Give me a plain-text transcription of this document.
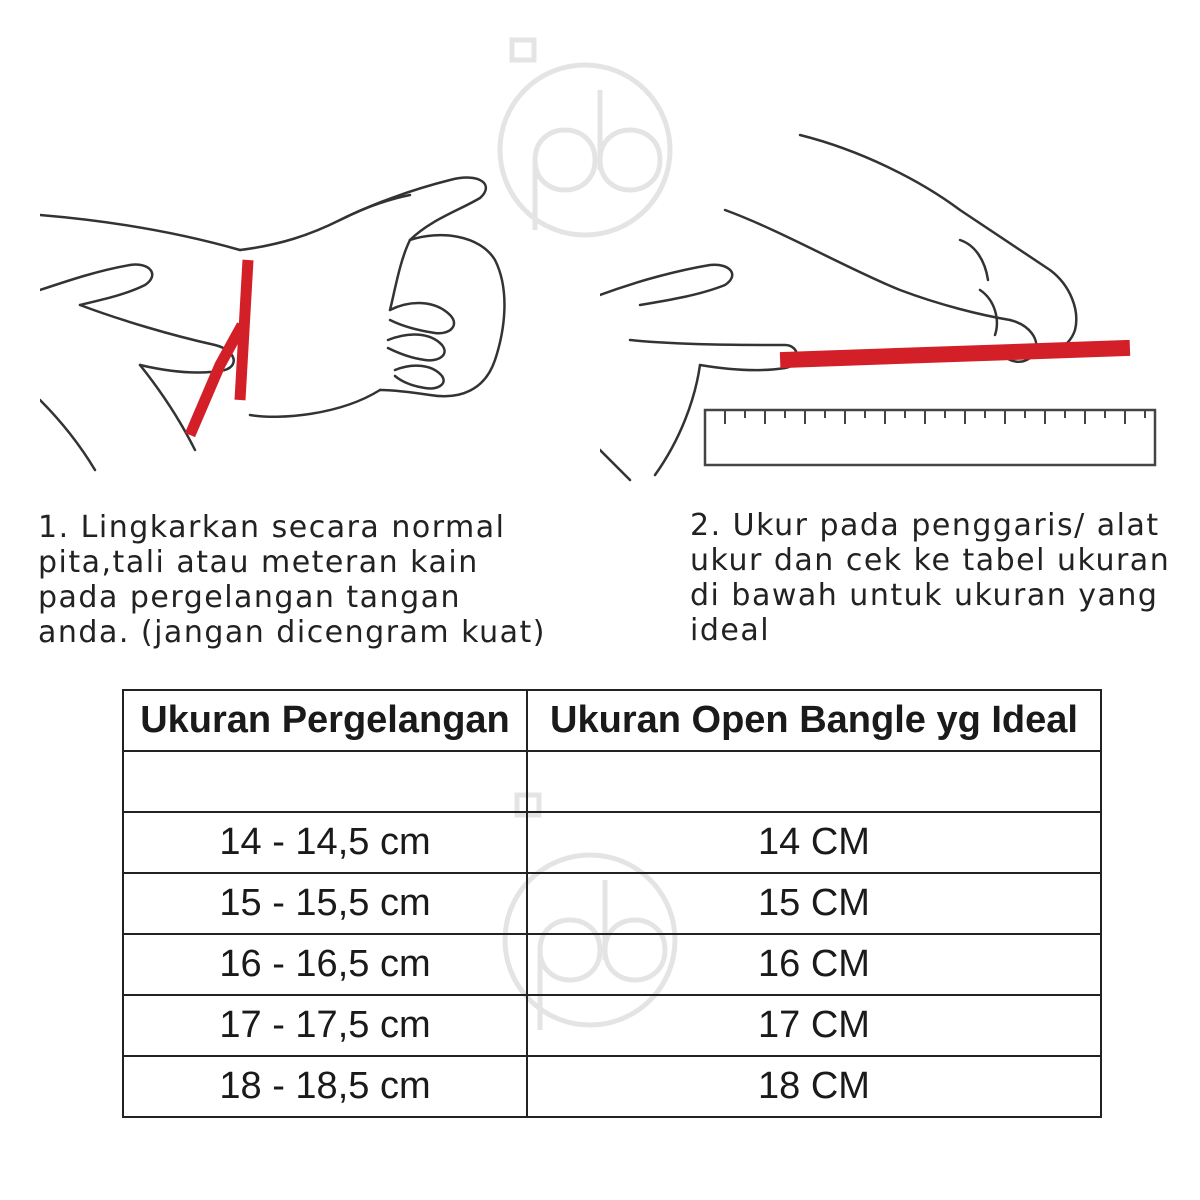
1. Lingkarkan secara normal
pita,tali atau meteran kain
pada pergelangan tangan
anda. (jangan dicengram kuat)
2. Ukur pada penggaris/ alat
ukur dan cek ke tabel ukuran
di bawah untuk ukuran yang
ideal
Ukuran Pergelangan	Ukuran Open Bangle yg Ideal

14 - 14,5 cm	14 CM
15 - 15,5 cm	15 CM
16 - 16,5 cm	16 CM
17 - 17,5 cm	17 CM
18 - 18,5 cm	18 CM
